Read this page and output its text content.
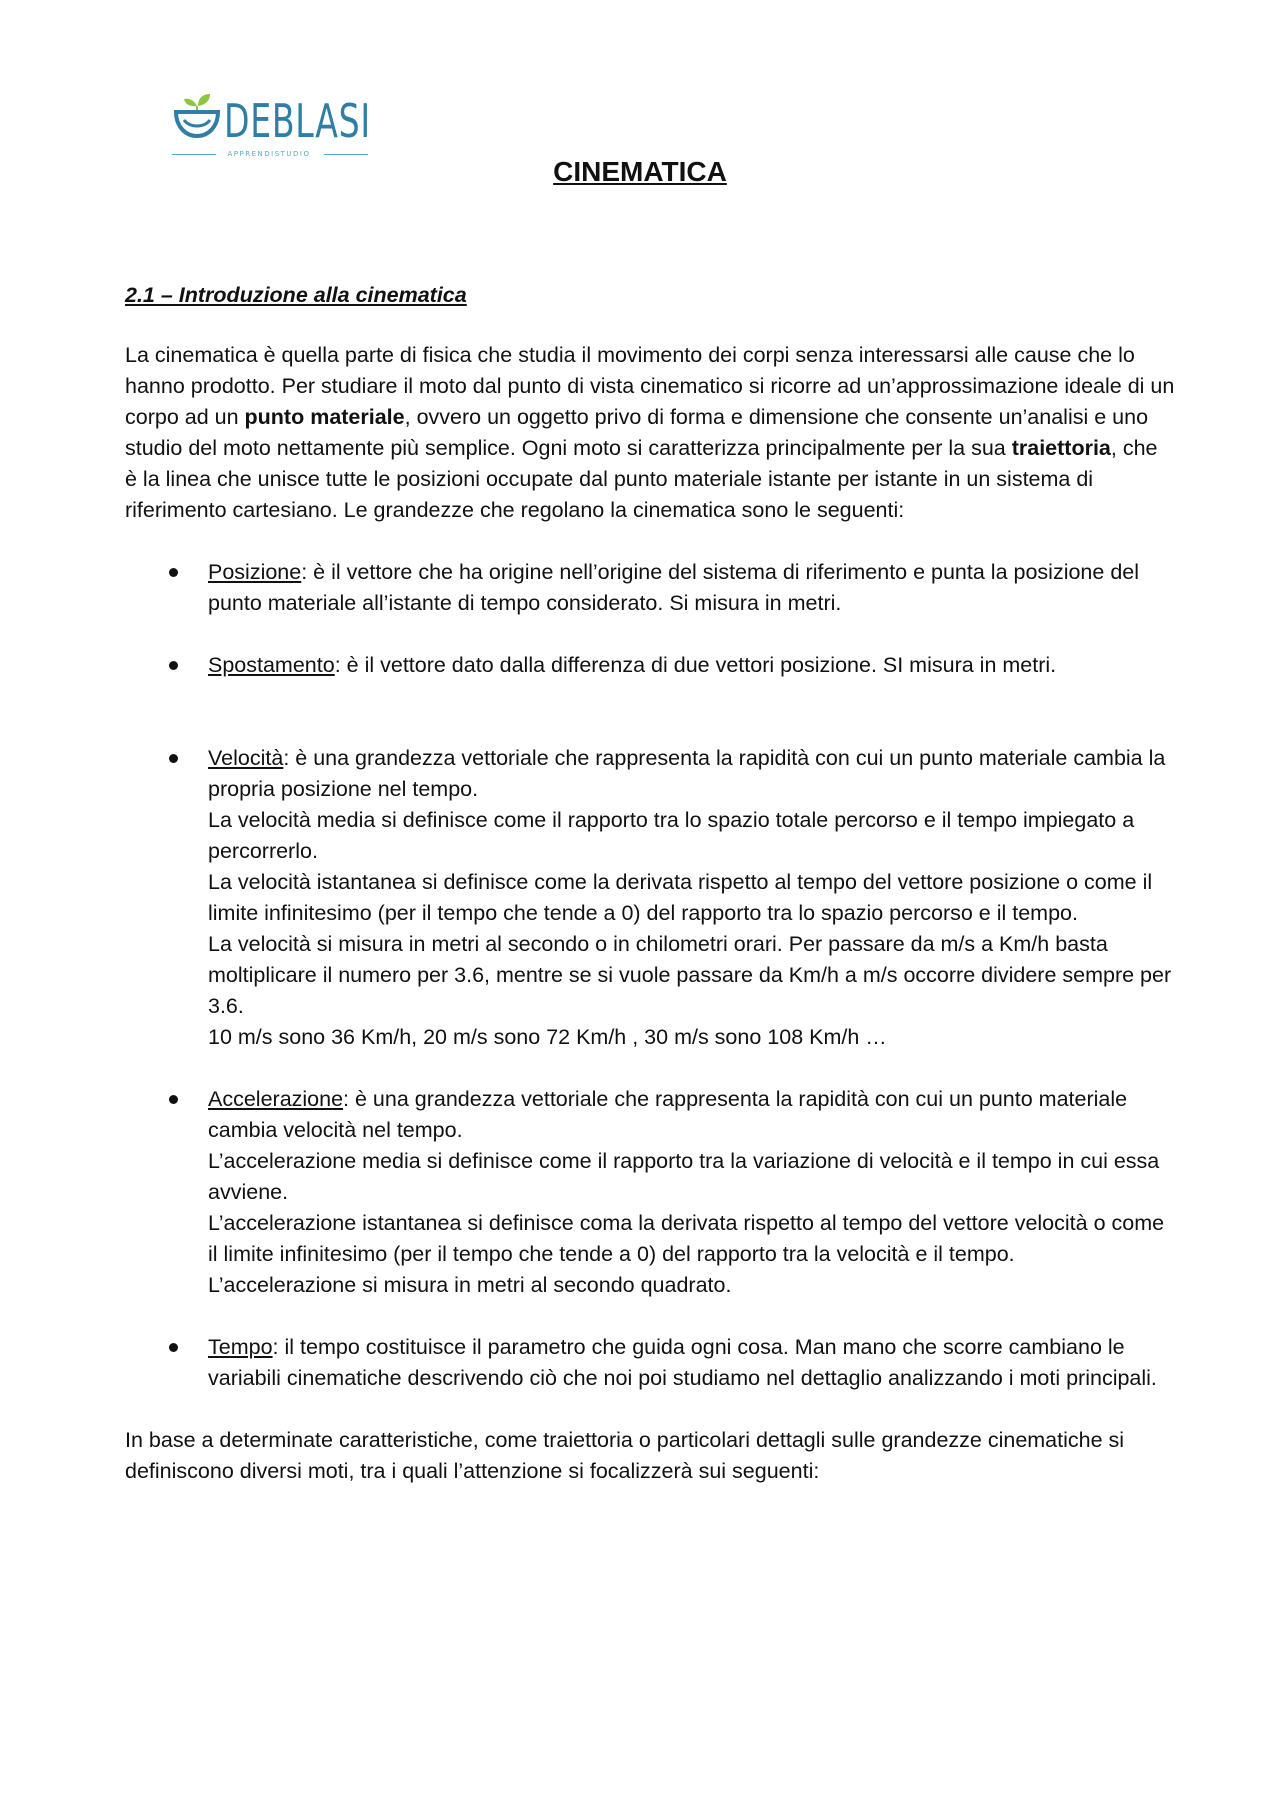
DEBLASI
APPRENDISTUDIO
CINEMATICA

2.1 – Introduzione alla cinematica

La cinematica è quella parte di fisica che studia il movimento dei corpi senza interessarsi alle cause che lo hanno prodotto. Per studiare il moto dal punto di vista cinematico si ricorre ad un’approssimazione ideale di un corpo ad un punto materiale, ovvero un oggetto privo di forma e dimensione che consente un’analisi e uno studio del moto nettamente più semplice. Ogni moto si caratterizza principalmente per la sua traiettoria, che è la linea che unisce tutte le posizioni occupate dal punto materiale istante per istante in un sistema di riferimento cartesiano. Le grandezze che regolano la cinematica sono le seguenti:

Posizione: è il vettore che ha origine nell’origine del sistema di riferimento e punta la posizione del punto materiale all’istante di tempo considerato. Si misura in metri.
Spostamento: è il vettore dato dalla differenza di due vettori posizione. SI misura in metri.
Velocità: è una grandezza vettoriale che rappresenta la rapidità con cui un punto materiale cambia la propria posizione nel tempo.
La velocità media si definisce come il rapporto tra lo spazio totale percorso e il tempo impiegato a percorrerlo.
La velocità istantanea si definisce come la derivata rispetto al tempo del vettore posizione o come il limite infinitesimo (per il tempo che tende a 0) del rapporto tra lo spazio percorso e il tempo.
La velocità si misura in metri al secondo o in chilometri orari. Per passare da m/s a Km/h basta moltiplicare il numero per 3.6, mentre se si vuole passare da Km/h a m/s occorre dividere sempre per 3.6.
10 m/s sono 36 Km/h, 20 m/s sono 72 Km/h , 30 m/s sono 108 Km/h …
Accelerazione: è una grandezza vettoriale che rappresenta la rapidità con cui un punto materiale cambia velocità nel tempo.
L’accelerazione media si definisce come il rapporto tra la variazione di velocità e il tempo in cui essa avviene.
L’accelerazione istantanea si definisce coma la derivata rispetto al tempo del vettore velocità o come il limite infinitesimo (per il tempo che tende a 0) del rapporto tra la velocità e il tempo.
L’accelerazione si misura in metri al secondo quadrato.
Tempo: il tempo costituisce il parametro che guida ogni cosa. Man mano che scorre cambiano le variabili cinematiche descrivendo ciò che noi poi studiamo nel dettaglio analizzando i moti principali.

In base a determinate caratteristiche, come traiettoria o particolari dettagli sulle grandezze cinematiche si definiscono diversi moti, tra i quali l’attenzione si focalizzerà sui seguenti:
